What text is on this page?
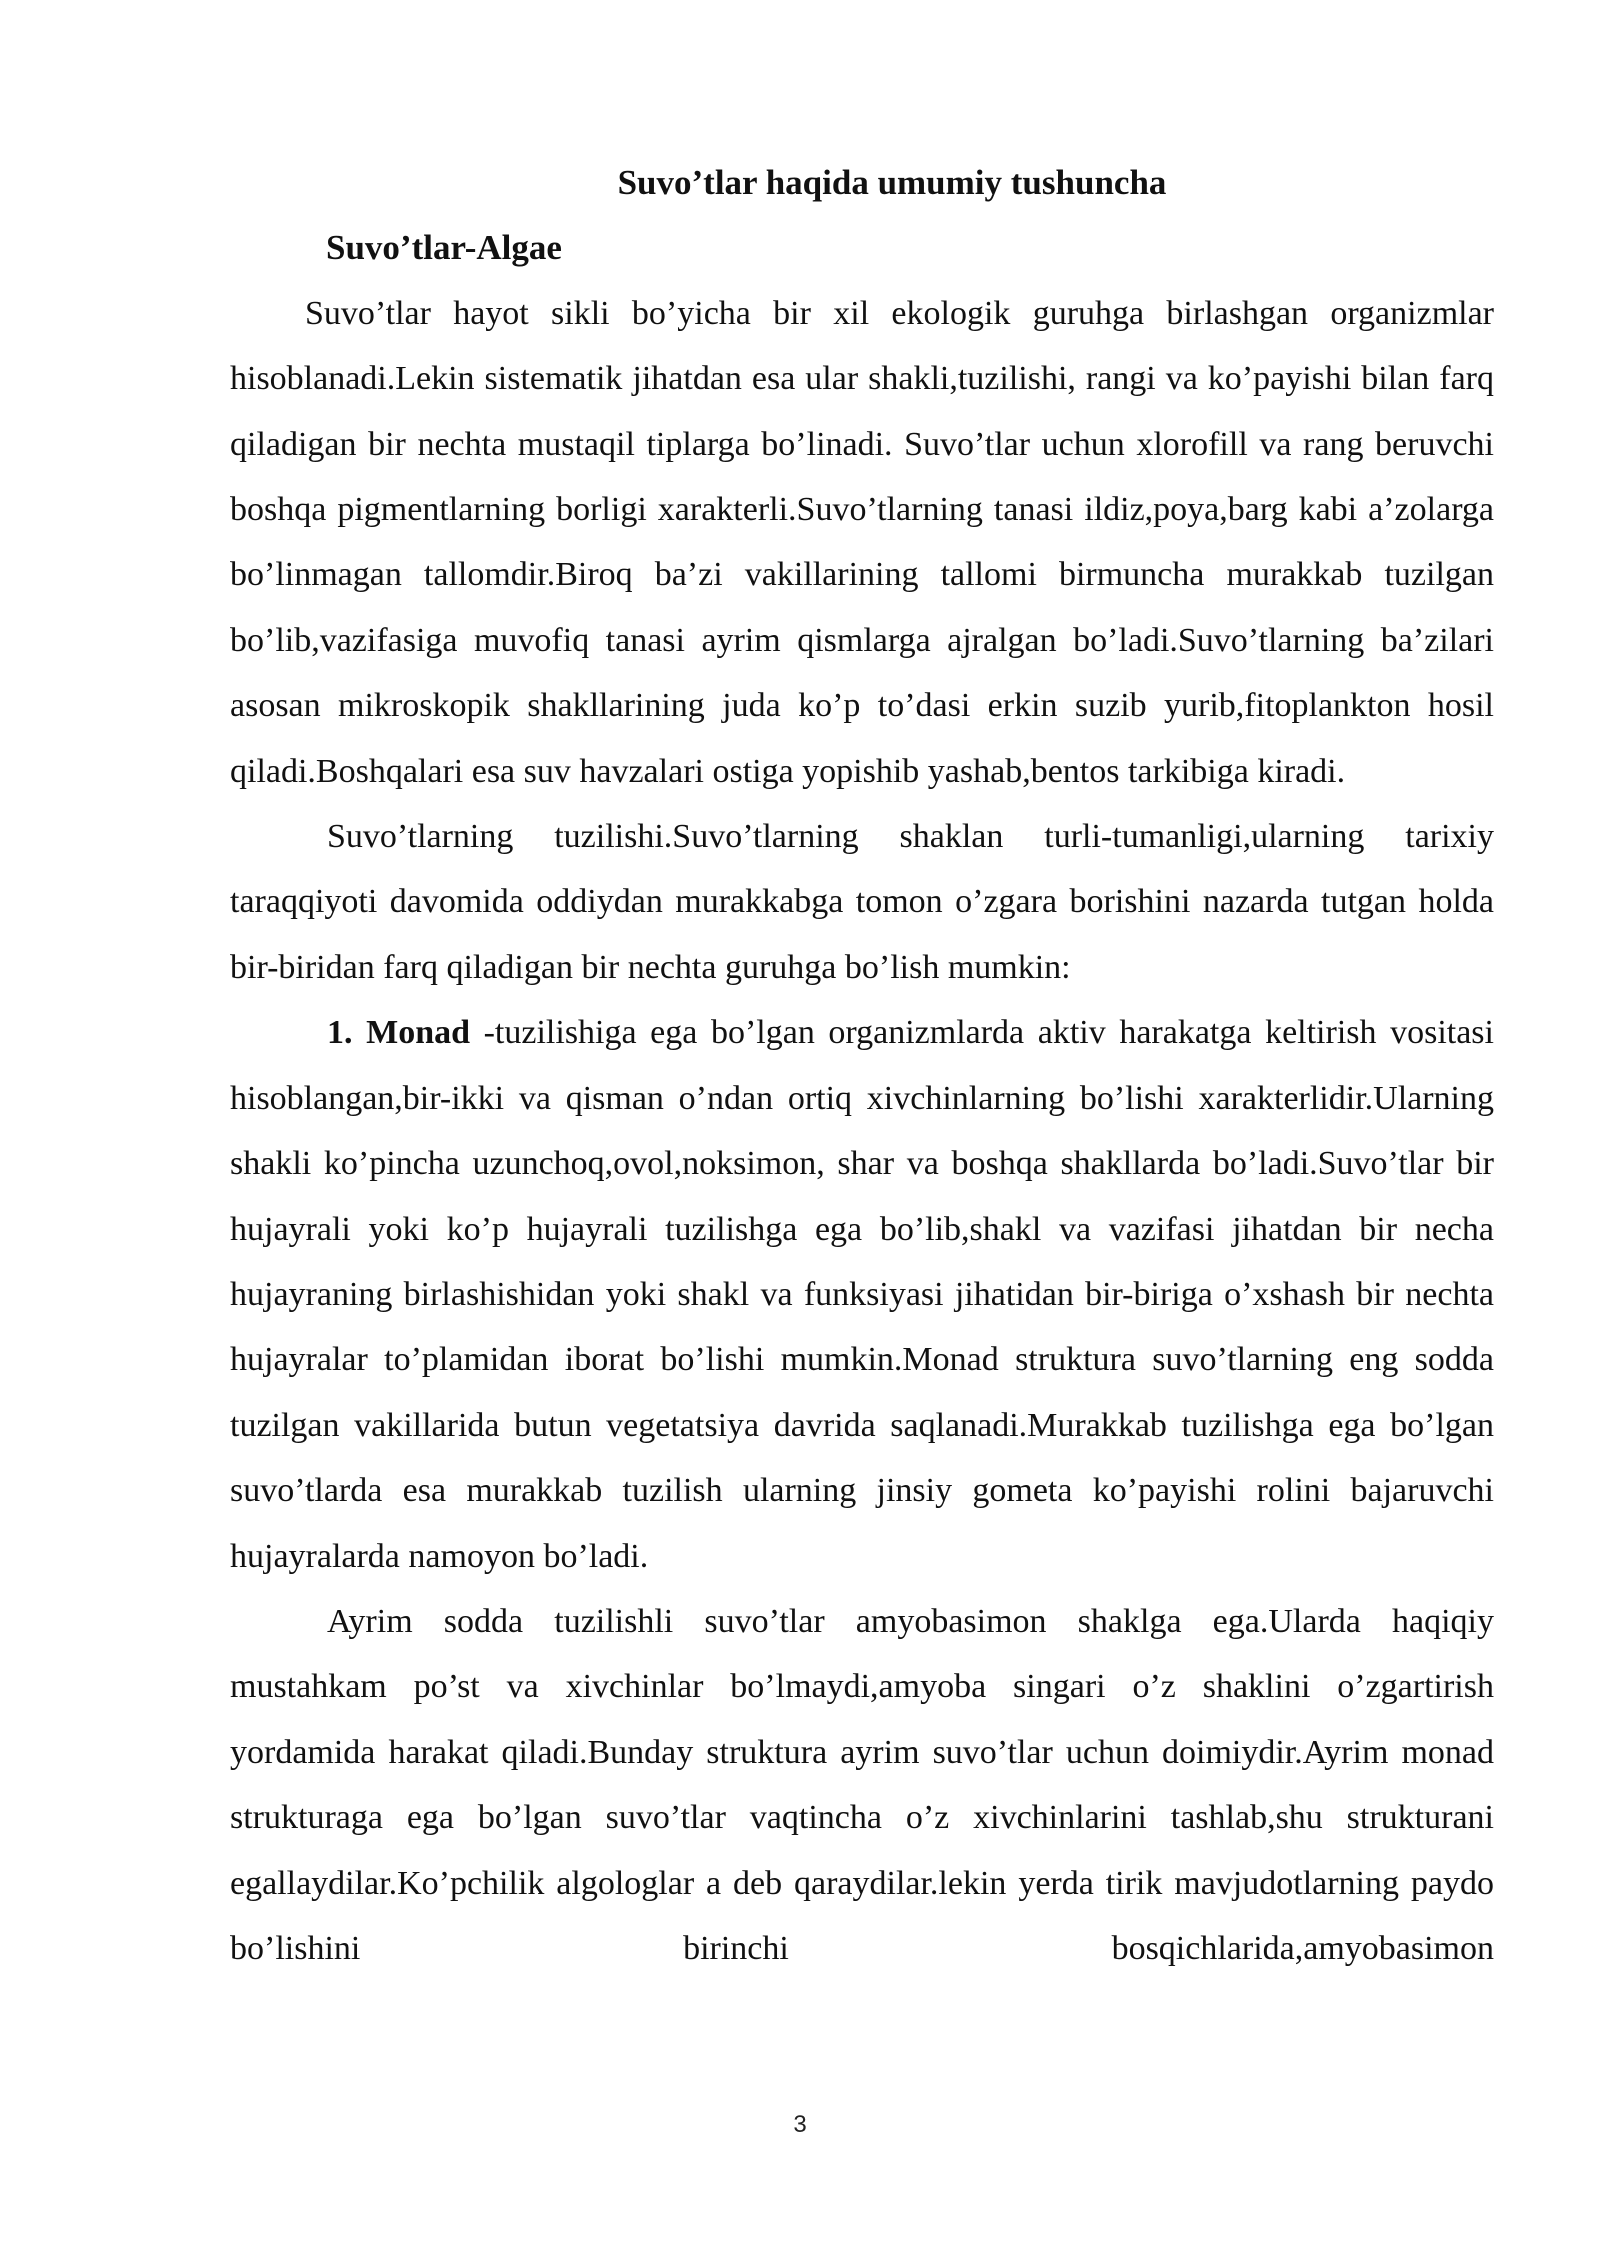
Suvo’tlar haqida umumiy tushuncha

Suvo’tlar-Algae

Suvo’tlar hayot sikli bo’yicha bir xil ekologik guruhga birlashgan organizmlar hisoblanadi.Lekin sistematik jihatdan esa ular shakli,tuzilishi, rangi va ko’payishi bilan farq qiladigan bir nechta mustaqil tiplarga bo’linadi. Suvo’tlar uchun xlorofill va rang beruvchi boshqa pigmentlarning borligi xarakterli.Suvo’tlarning tanasi ildiz,poya,barg kabi a’zolarga bo’linmagan tallomdir.Biroq ba’zi vakillarining tallomi birmuncha murakkab tuzilgan bo’lib,vazifasiga muvofiq tanasi ayrim qismlarga ajralgan bo’ladi.Suvo’tlarning ba’zilari asosan mikroskopik shakllarining juda ko’p to’dasi erkin suzib yurib,fitoplankton hosil qiladi.Boshqalari esa suv havzalari ostiga yopishib yashab,bentos tarkibiga kiradi.

Suvo’tlarning tuzilishi.Suvo’tlarning shaklan turli-tumanligi,ularning tarixiy taraqqiyoti davomida oddiydan murakkabga tomon o’zgara borishini nazarda tutgan holda bir-biridan farq qiladigan bir nechta guruhga bo’lish mumkin:

1. Monad -tuzilishiga ega bo’lgan organizmlarda aktiv harakatga keltirish vositasi hisoblangan,bir-ikki va qisman o’ndan ortiq xivchinlarning bo’lishi xarakterlidir.Ularning shakli ko’pincha uzunchoq,ovol,noksimon, shar va boshqa shakllarda bo’ladi.Suvo’tlar bir hujayrali yoki ko’p hujayrali tuzilishga ega bo’lib,shakl va vazifasi jihatdan bir necha hujayraning birlashishidan yoki shakl va funksiyasi jihatidan bir-biriga o’xshash bir nechta hujayralar to’plamidan iborat bo’lishi mumkin.Monad struktura suvo’tlarning eng sodda tuzilgan vakillarida butun vegetatsiya davrida saqlanadi.Murakkab tuzilishga ega bo’lgan suvo’tlarda esa murakkab tuzilish ularning jinsiy gometa ko’payishi rolini bajaruvchi hujayralarda namoyon bo’ladi.

Ayrim sodda tuzilishli suvo’tlar amyobasimon shaklga ega.Ularda haqiqiy mustahkam po’st va xivchinlar bo’lmaydi,amyoba singari o’z shaklini o’zgartirish yordamida harakat qiladi.Bunday struktura ayrim suvo’tlar uchun doimiydir.Ayrim monad strukturaga ega bo’lgan suvo’tlar vaqtincha o’z xivchinlarini tashlab,shu strukturani egallaydilar.Ko’pchilik algologlar a deb qaraydilar.lekin yerda tirik mavjudotlarning paydo bo’lishini birinchi bosqichlarida,amyobasimon

3
